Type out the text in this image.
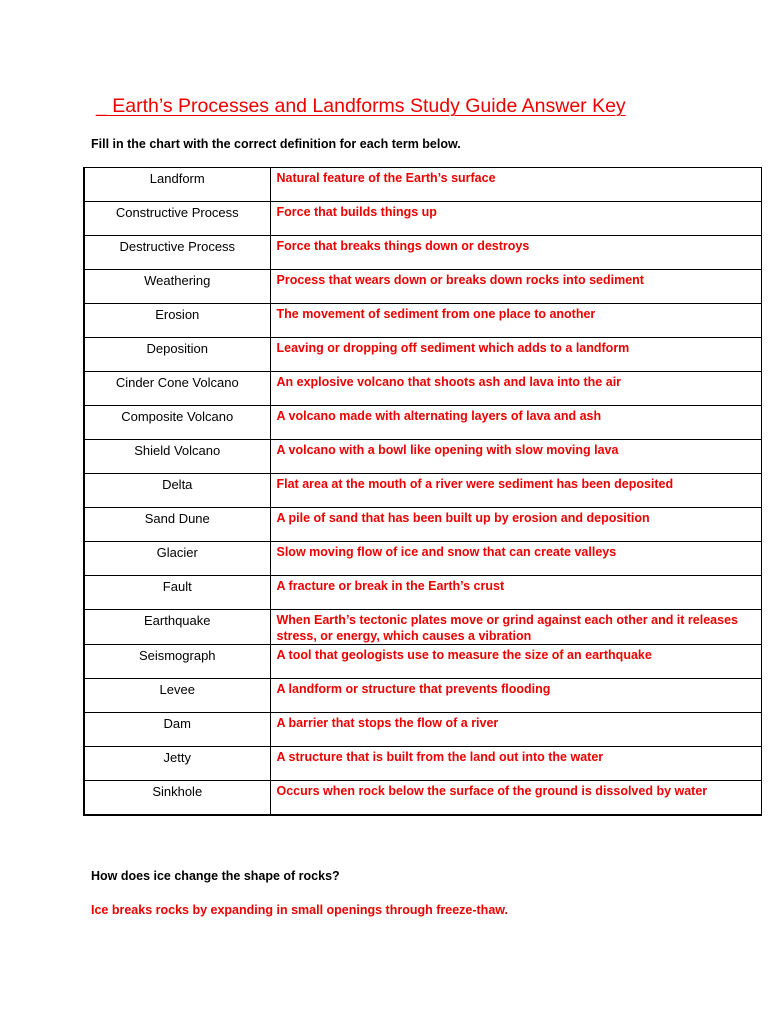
_ Earth’s Processes and Landforms Study Guide Answer Key
Fill in the chart with the correct definition for each term below.
Landform	Natural feature of the Earth’s surface
Constructive Process	Force that builds things up
Destructive Process	Force that breaks things down or destroys
Weathering	Process that wears down or breaks down rocks into sediment
Erosion	The movement of sediment from one place to another
Deposition	Leaving or dropping off sediment which adds to a landform
Cinder Cone Volcano	An explosive volcano that shoots ash and lava into the air
Composite Volcano	A volcano made with alternating layers of lava and ash
Shield Volcano	A volcano with a bowl like opening with slow moving lava
Delta	Flat area at the mouth of a river were sediment has been deposited
Sand Dune	A pile of sand that has been built up by erosion and deposition
Glacier	Slow moving flow of ice and snow that can create valleys
Fault	A fracture or break in the Earth’s crust
Earthquake	When Earth’s tectonic plates move or grind against each other and it releases stress, or energy, which causes a vibration
Seismograph	A tool that geologists use to measure the size of an earthquake
Levee	A landform or structure that prevents flooding
Dam	A barrier that stops the flow of a river
Jetty	A structure that is built from the land out into the water
Sinkhole	Occurs when rock below the surface of the ground is dissolved by water
How does ice change the shape of rocks?
Ice breaks rocks by expanding in small openings through freeze-thaw.
